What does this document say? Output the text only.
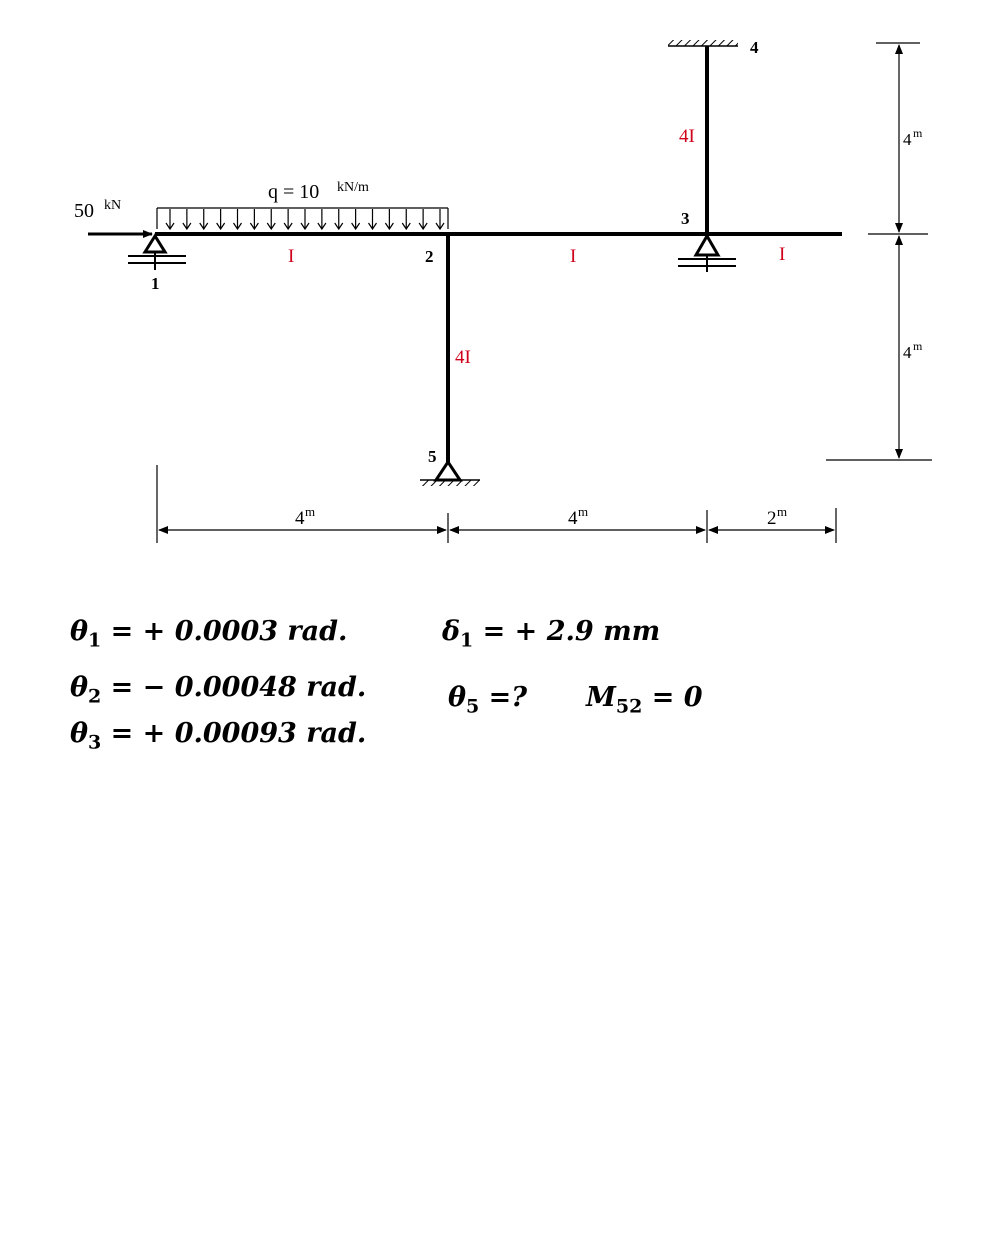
50 kN
q = 10 kN/m
1
2
3
4
5
I	I	I
4I
4I
4 m	4 m	2 m
4 m
4 m
$\theta_1$ = + 0.0003 rad.
$\theta_2$ = − 0.00048 rad.
$\theta_3$ = + 0.00093 rad.
$\delta_1$ = + 2.9 mm
$\theta_5$ =? $M_{52} = 0$
